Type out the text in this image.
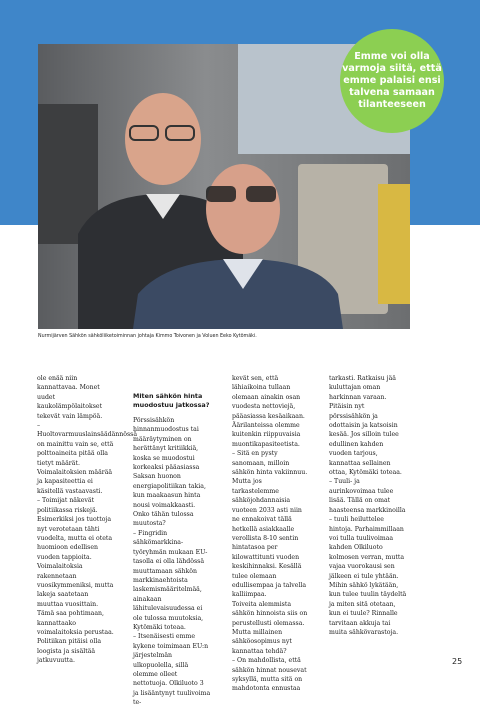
Emme voi olla varmoja siitä, että emme palaisi ensi talvena samaan tilanteeseen
Nurmijärven Sähkön sähköliiketoiminnan johtaja Kimmo Toivonen ja Voluen Eeko Kytömäki.

ole enää niin kannattavaa. Monet uudet kaukolämpölaitokset tekevät vain lämpöä.
– Huoltovarmuuslainsäädännössä on mainittu vain se, että polttoaineita pitää olla tietyt määrät. Voimalaitoksien määrää ja kapasiteettia ei käsitellä vastaavasti.
– Toimijat näkevät politiikassa riskejä. Esimerkiksi jos tuottoja nyt verotetaan tähti vuodelta, mutta ei oteta huomioon edellisen vuoden tappioita. Voimalaitoksia rakennetaan vuosikymmeniksi, mutta lakeja saatetaan muuttaa vuosittain. Tämä saa pohtimaan, kannattaako voimalaitoksia perustaa. Politiikan pitäisi olla loogista ja sisältää jatkuvuutta.

Miten sähkön hinta muodostuu jatkossa?

Pörssisähkön hinnanmuodostus tai määräytyminen on herättänyt kritiikkiä, koska se muodostui korkeaksi pääasiassa Saksan huonon energiapolitiikan takia, kun maakaasun hinta nousi voimakkaasti. Onko tähän tulossa muutosta?
– Fingridin sähkömarkkina-työryhmän mukaan EU-tasolla ei olla lähdössä muuttamaan sähkön markkinaehtoista laskemismääritelmää, ainakaan lähitulevaisuudessa ei ole tulossa muutoksia, Kytömäki toteaa.
– Itsenäisesti emme kykene toimimaan EU:n järjestelmän ulkopuolella, sillä olemme olleet nettotuoja. Olkiluoto 3 ja lisääntynyt tuulivoima te-

kevät sen, että lähiaikoina tullaan olemaan ainakin osan vuodesta nettoviejä, pääasiassa kesäaikaan. Äärilanteissa olemme kuitenkin riippuvaisia muontikapasiteetista.
– Sitä en pysty sanomaan, milloin sähkön hinta vakiinnuu. Mutta jos tarkastelemme sähköjohdannaisia vuoteen 2033 asti niin ne ennakoivat tällä hetkellä asiakkaalle verollista 8-10 sentin hintatasoa per kilowattitunti vuoden keskihinnaksi. Kesällä tulee olemaan edullisempaa ja talvella kalliimpaa.
Toiveita alemmista sähkön hinnoista siis on perustellusti olemassa. Mutta millainen sähköosopimus nyt kannattaa tehdä?
– On mahdollista, että sähkön hinnat nousevat syksyllä, mutta sitä on mahdotonta ennustaa

tarkasti. Ratkaisu jää kuluttajan oman harkinnan varaan. Pitäisin nyt pörssisähkön ja odottaisin ja katsoisin kesää. Jos silloin tulee edullinen kahden vuoden tarjous, kannattaa sellainen ottaa, Kytömäki toteaa.
– Tuuli- ja aurinkovoimaa tulee lisää. Tällä on omat haasteensa markkinoilla – tuuli heiluttelee hintoja. Parhaimmillaan voi tulla tuulivoimaa kahden Olkiluoto kolmosen verran, mutta vajaa vuorokausi sen jälkeen ei tule yhtään. Mihin sähkö lykätään, kun tulee tuulin täydeltä ja miten sitä otetaan, kun ei tuule? Rinnalle tarvitaan akkuja tai muita sähkövarastoja.

25
